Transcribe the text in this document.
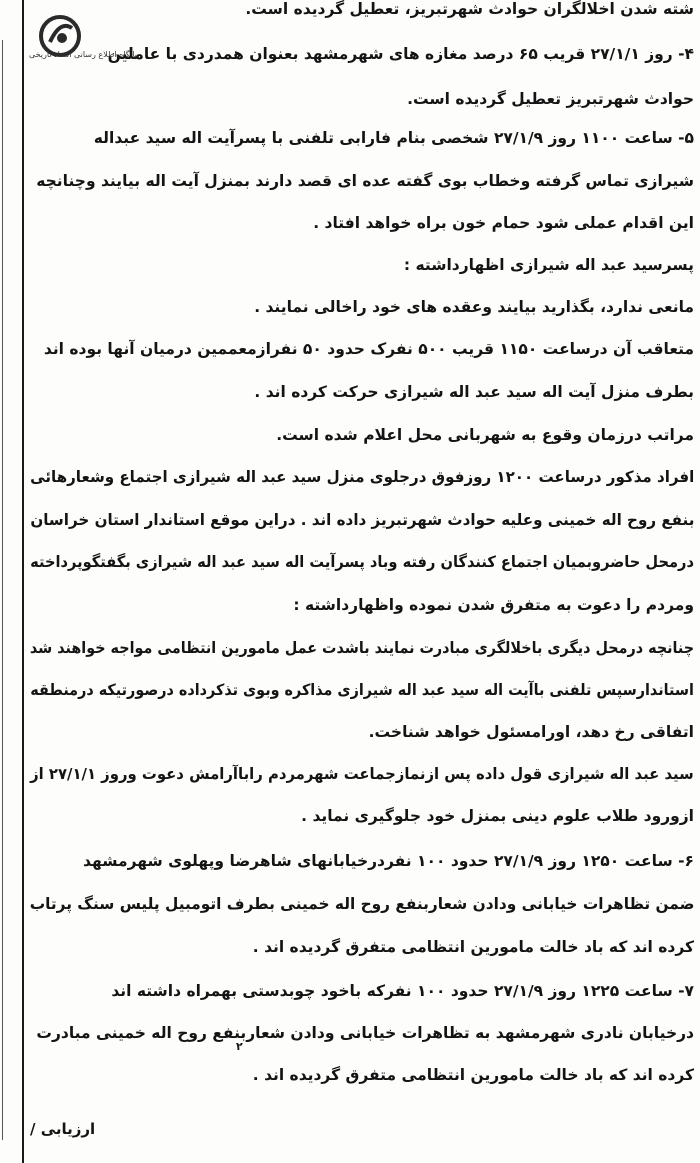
پایگاه اطلاع رسانی اسناد تاریخی
شته شدن اخلالگران حوادث شهرتبریز، تعطیل گردیده است.
۴- روز ۲۷/۱/۱ قریب ۶۵ درصد مغازه های شهرمشهد بعنوان همدردی با عاملین
حوادث شهرتبریز تعطیل گردیده است.
۵- ساعت ۱۱۰۰ روز ۲۷/۱/۹ شخصی بنام فارابی تلفنی با پسرآیت اله سید عبداله
شیرازی تماس گرفته وخطاب بوی گفته عده ای قصد دارند بمنزل آیت اله بیایند وچنانچه
این اقدام عملی شود حمام خون براه خواهد افتاد .
پسرسید عبد اله شیرازی اظهارداشته :
مانعی ندارد، بگذارید بیایند وعقده های خود راخالی نمایند .
متعاقب آن درساعت ۱۱۵۰ قریب ۵۰۰ نفرک حدود ۵۰ نفرازمعممین درمیان آنها بوده اند
بطرف منزل آیت اله سید عبد اله شیرازی حرکت کرده اند .
مراتب درزمان وقوع به شهربانی محل اعلام شده است.
افراد مذکور درساعت ۱۲۰۰ روزفوق درجلوی منزل سید عبد اله شیرازی اجتماع وشعارهائی
بنفع روح اله خمینی وعلیه حوادث شهرتبریز داده اند . دراین موقع استاندار استان خراسان
درمحل حاضروبمیان اجتماع کنندگان رفته وباد پسرآیت اله سید عبد اله شیرازی بگفتگوپرداخته
ومردم را دعوت به متفرق شدن نموده واظهارداشته :
چنانچه درمحل دیگری باخلالگری مبادرت نمایند باشدت عمل مامورین انتظامی مواجه خواهند شد
استاندارسپس تلفنی باآیت اله سید عبد اله شیرازی مذاکره وبوی تذکرداده درصورتیکه درمنطقه
اتفاقی رخ دهد، اورامسئول خواهد شناخت.
سید عبد اله شیرازی قول داده پس ازنمازجماعت شهرمردم راباآرامش دعوت وروز ۲۷/۱/۱ از
ازورود طلاب علوم دینی بمنزل خود جلوگیری نماید .
۶- ساعت ۱۲۵۰ روز ۲۷/۱/۹ حدود ۱۰۰ نفردرخیابانهای شاهرضا وپهلوی شهرمشهد
ضمن تظاهرات خیابانی ودادن شعاربنفع روح اله خمینی بطرف اتومبیل پلیس سنگ پرتاب
کرده اند که باد خالت مامورین انتظامی متفرق گردیده اند .
۷- ساعت ۱۲۲۵ روز ۲۷/۱/۹ حدود ۱۰۰ نفرکه باخود چوبدستی بهمراه داشته اند
درخیابان نادری شهرمشهد به تظاهرات خیابانی ودادن شعاربنفع روح اله خمینی مبادرت
کرده اند که باد خالت مامورین انتظامی متفرق گردیده اند .
۲
ارزیابی /
